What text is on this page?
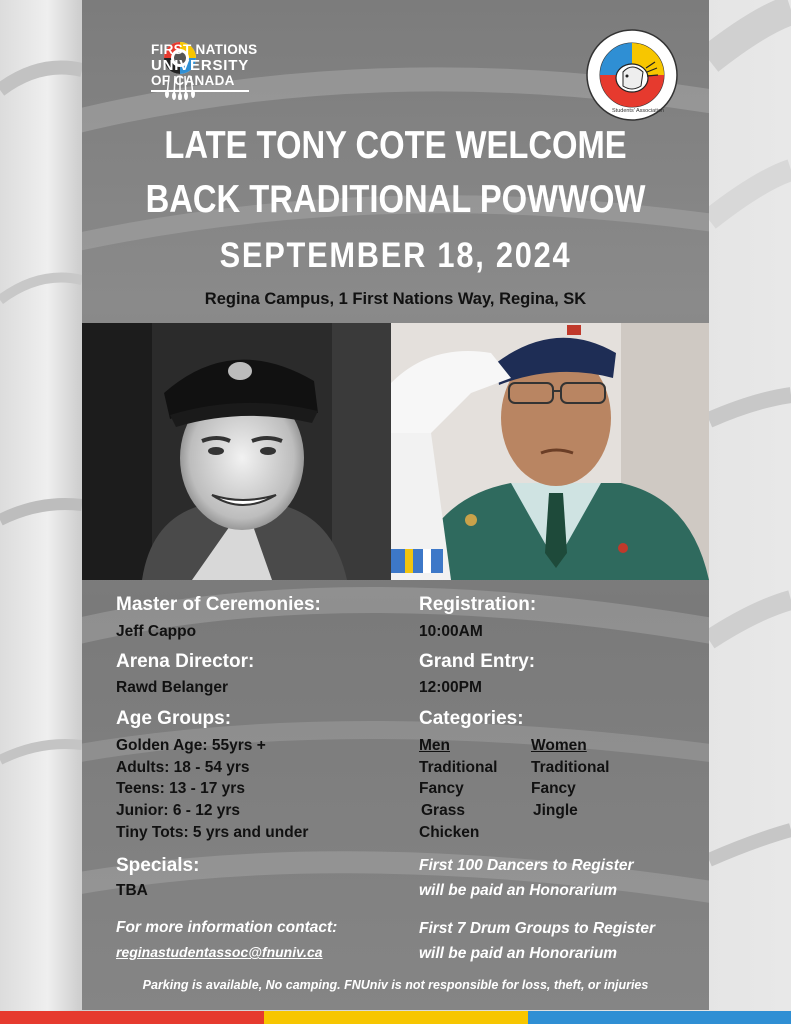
FIRST NATIONS
UNIVERSITY
OF CANADA
Students' Association
LATE TONY COTE WELCOME
BACK TRADITIONAL POWWOW
SEPTEMBER 18, 2024
Regina Campus, 1 First Nations Way, Regina, SK
Master of Ceremonies:
Jeff Cappo
Arena Director:
Rawd Belanger
Age Groups:
Golden Age: 55yrs +
Adults: 18 - 54 yrs
Teens: 13 - 17 yrs
Junior: 6 - 12 yrs
Tiny Tots: 5 yrs and under
Specials:
TBA
For more information contact:
reginastudentassoc@fnuniv.ca
Registration:
10:00AM
Grand Entry:
12:00PM
Categories:
Men
Traditional
Fancy
Grass
Chicken
Women
Traditional
Fancy
Jingle
First 100 Dancers to Register
will be paid an Honorarium
First 7 Drum Groups to Register
will be paid an Honorarium
Parking is available, No camping. FNUniv is not responsible for loss, theft, or injuries
